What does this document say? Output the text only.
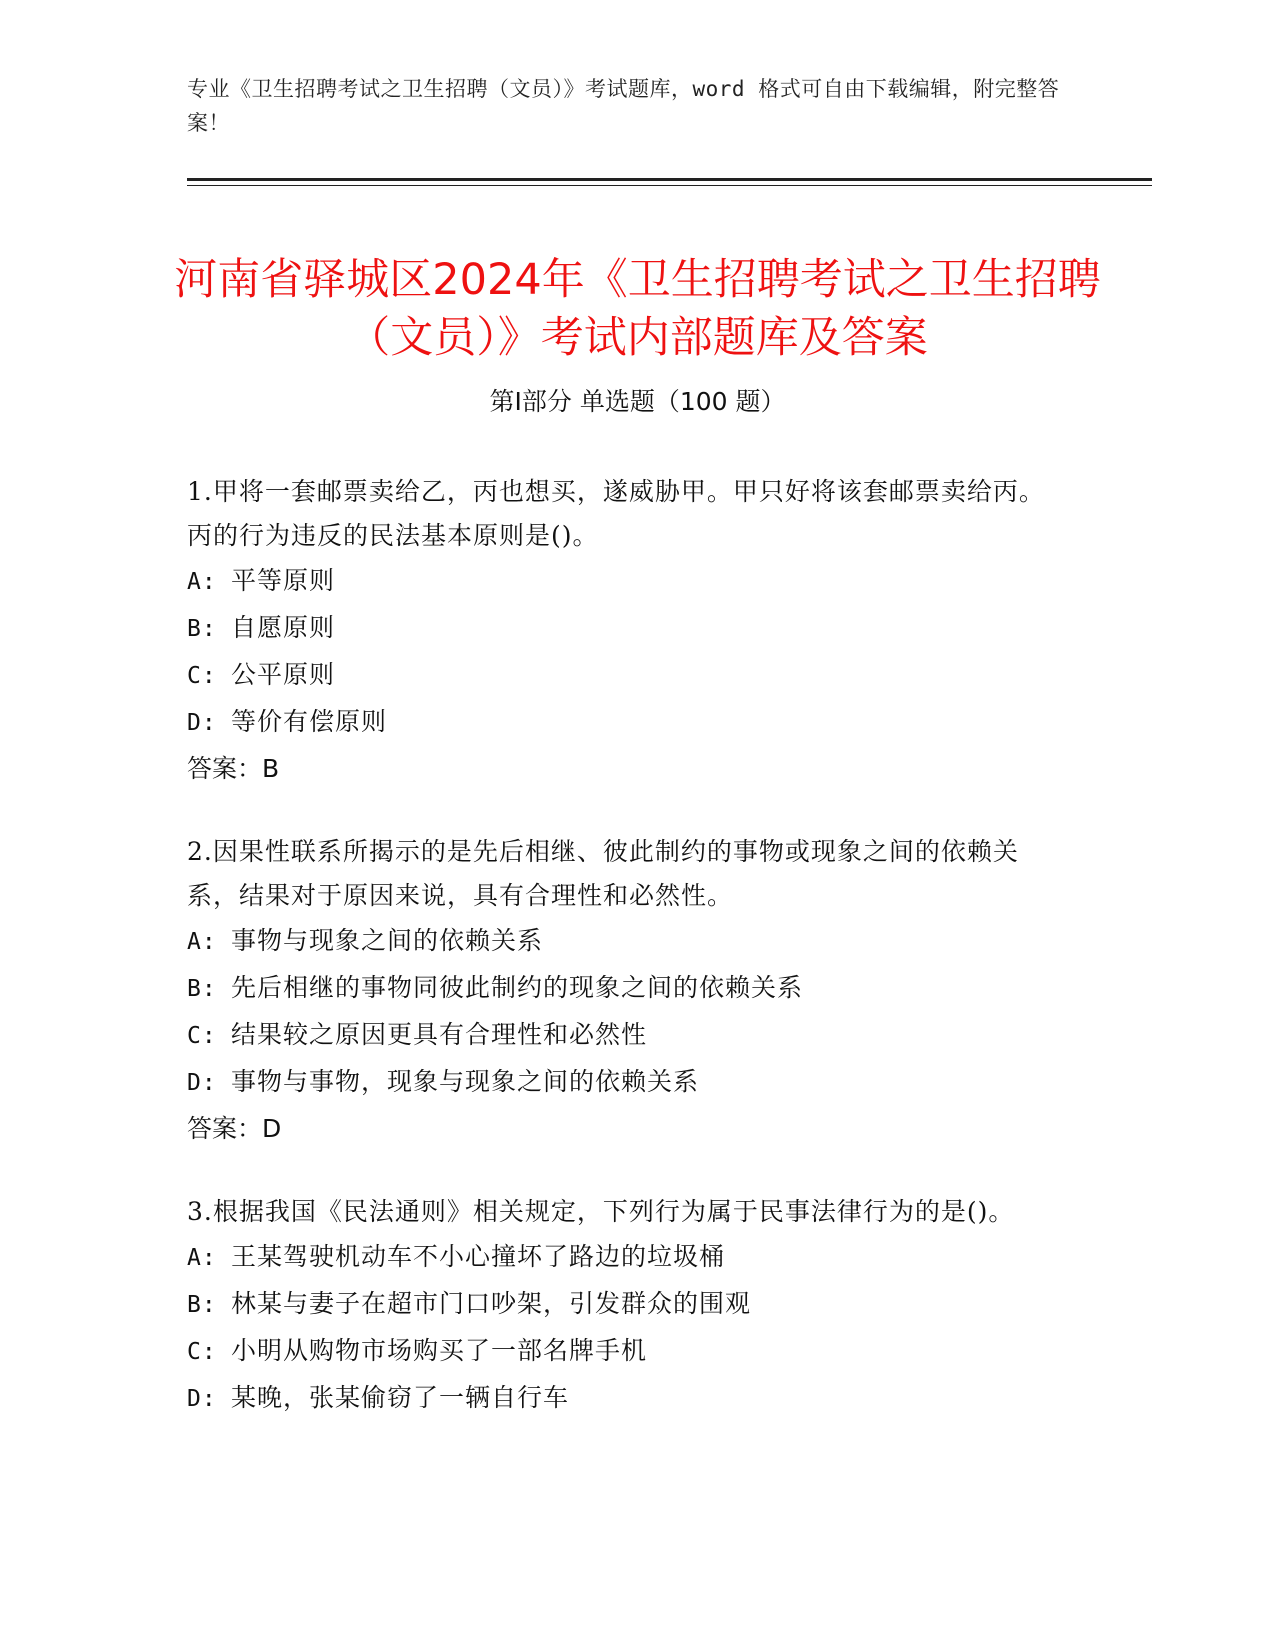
专业《卫生招聘考试之卫生招聘（文员）》考试题库，word 格式可自由下载编辑，附完整答案！
河南省驿城区2024年《卫生招聘考试之卫生招聘（文员）》考试内部题库及答案
第Ⅰ部分 单选题（100 题）
1.甲将一套邮票卖给乙，丙也想买，遂威胁甲。甲只好将该套邮票卖给丙。丙的行为违反的民法基本原则是()。
A: 平等原则
B: 自愿原则
C: 公平原则
D: 等价有偿原则
答案：B
2.因果性联系所揭示的是先后相继、彼此制约的事物或现象之间的依赖关系，结果对于原因来说，具有合理性和必然性。
A: 事物与现象之间的依赖关系
B: 先后相继的事物同彼此制约的现象之间的依赖关系
C: 结果较之原因更具有合理性和必然性
D: 事物与事物，现象与现象之间的依赖关系
答案：D
3.根据我国《民法通则》相关规定，下列行为属于民事法律行为的是()。
A: 王某驾驶机动车不小心撞坏了路边的垃圾桶
B: 林某与妻子在超市门口吵架，引发群众的围观
C: 小明从购物市场购买了一部名牌手机
D: 某晚，张某偷窃了一辆自行车
